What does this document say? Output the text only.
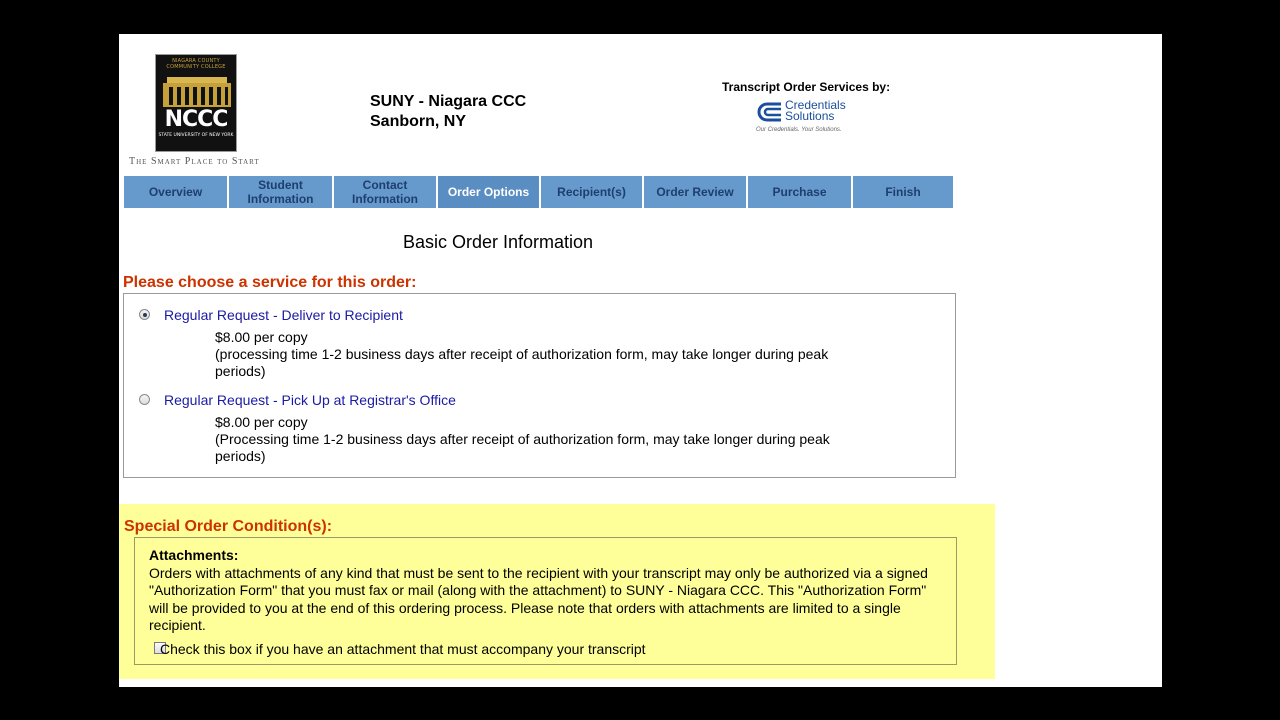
NIAGARA COUNTY COMMUNITY COLLEGE
NCCC
STATE UNIVERSITY OF NEW YORK
The Smart Place to Start
SUNY - Niagara CCC
Sanborn, NY
Transcript Order Services by:
Credentials
Solutions
Our Credentials. Your Solutions.
Overview	Student
Information
Contact
Information	Order Options	Recipient(s)	Order Review	Purchase	Finish
Basic Order Information
Please choose a service for this order:
Regular Request - Deliver to Recipient
$8.00 per copy
(processing time 1-2 business days after receipt of authorization form, may take longer during peak periods)
Regular Request - Pick Up at Registrar's Office
$8.00 per copy
(Processing time 1-2 business days after receipt of authorization form, may take longer during peak periods)
Special Order Condition(s):
Attachments:
Orders with attachments of any kind that must be sent to the recipient with your transcript may only be authorized via a signed "Authorization Form" that you must fax or mail (along with the attachment) to SUNY - Niagara CCC. This "Authorization Form" will be provided to you at the end of this ordering process. Please note that orders with attachments are limited to a single recipient.
Check this box if you have an attachment that must accompany your transcript
